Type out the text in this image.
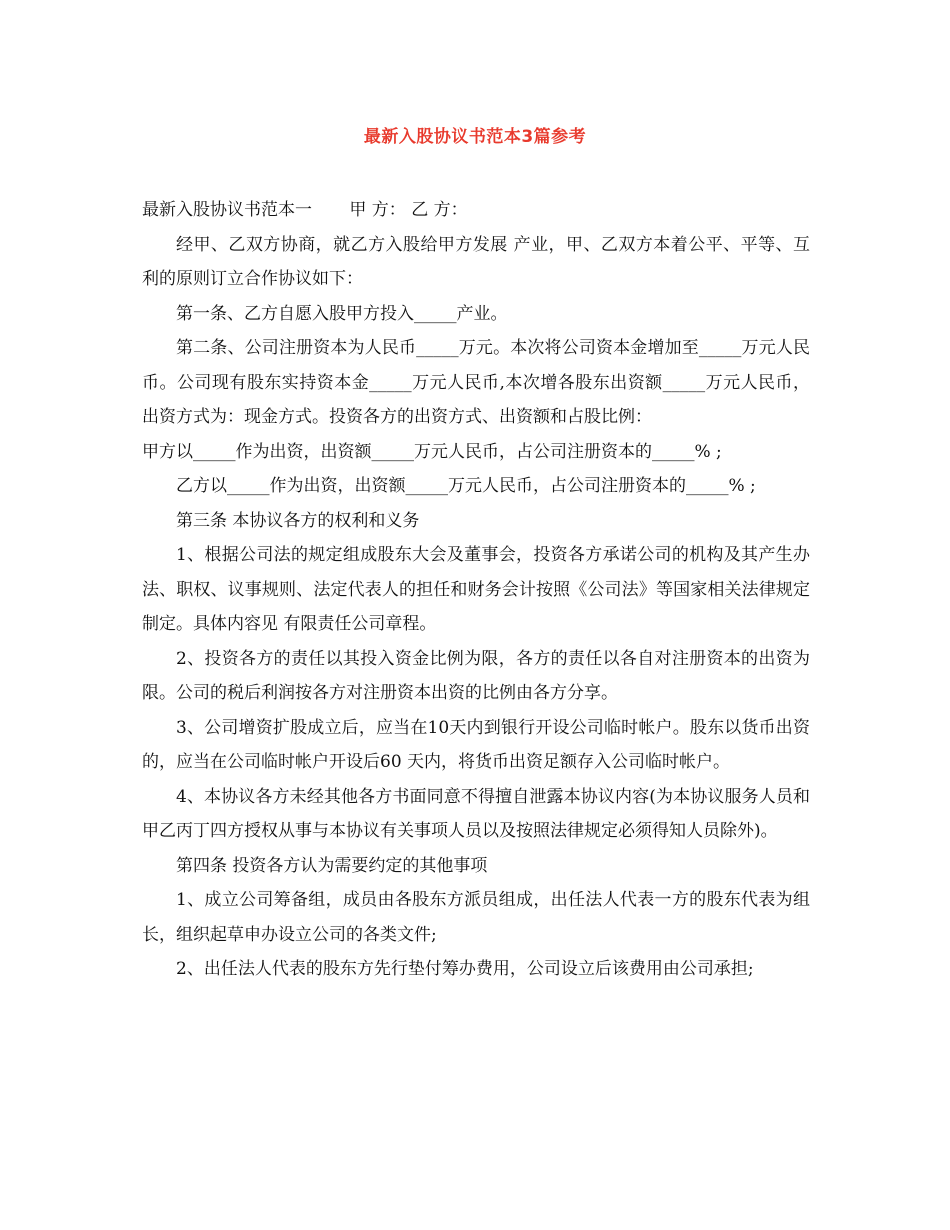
最新入股协议书范本3篇参考

最新入股协议书范本一 甲 方： 乙 方：

经甲、乙双方协商，就乙方入股给甲方发展 产业，甲、乙双方本着公平、平等、互利的原则订立合作协议如下：

第一条、乙方自愿入股甲方投入_____产业。

第二条、公司注册资本为人民币_____万元。本次将公司资本金增加至_____万元人民币。公司现有股东实持资本金_____万元人民币,本次增各股东出资额_____万元人民币，出资方式为：现金方式。投资各方的出资方式、出资额和占股比例：

甲方以_____作为出资，出资额_____万元人民币，占公司注册资本的_____% ;

乙方以_____作为出资，出资额_____万元人民币，占公司注册资本的_____% ;

第三条 本协议各方的权利和义务

1、根据公司法的规定组成股东大会及董事会，投资各方承诺公司的机构及其产生办法、职权、议事规则、法定代表人的担任和财务会计按照《公司法》等国家相关法律规定制定。具体内容见 有限责任公司章程。

2、投资各方的责任以其投入资金比例为限，各方的责任以各自对注册资本的出资为限。公司的税后利润按各方对注册资本出资的比例由各方分享。

3、公司增资扩股成立后，应当在10天内到银行开设公司临时帐户。股东以货币出资的，应当在公司临时帐户开设后60 天内，将货币出资足额存入公司临时帐户。

4、本协议各方未经其他各方书面同意不得擅自泄露本协议内容(为本协议服务人员和甲乙丙丁四方授权从事与本协议有关事项人员以及按照法律规定必须得知人员除外)。

第四条 投资各方认为需要约定的其他事项

1、成立公司筹备组，成员由各股东方派员组成，出任法人代表一方的股东代表为组长，组织起草申办设立公司的各类文件;

2、出任法人代表的股东方先行垫付筹办费用，公司设立后该费用由公司承担;
